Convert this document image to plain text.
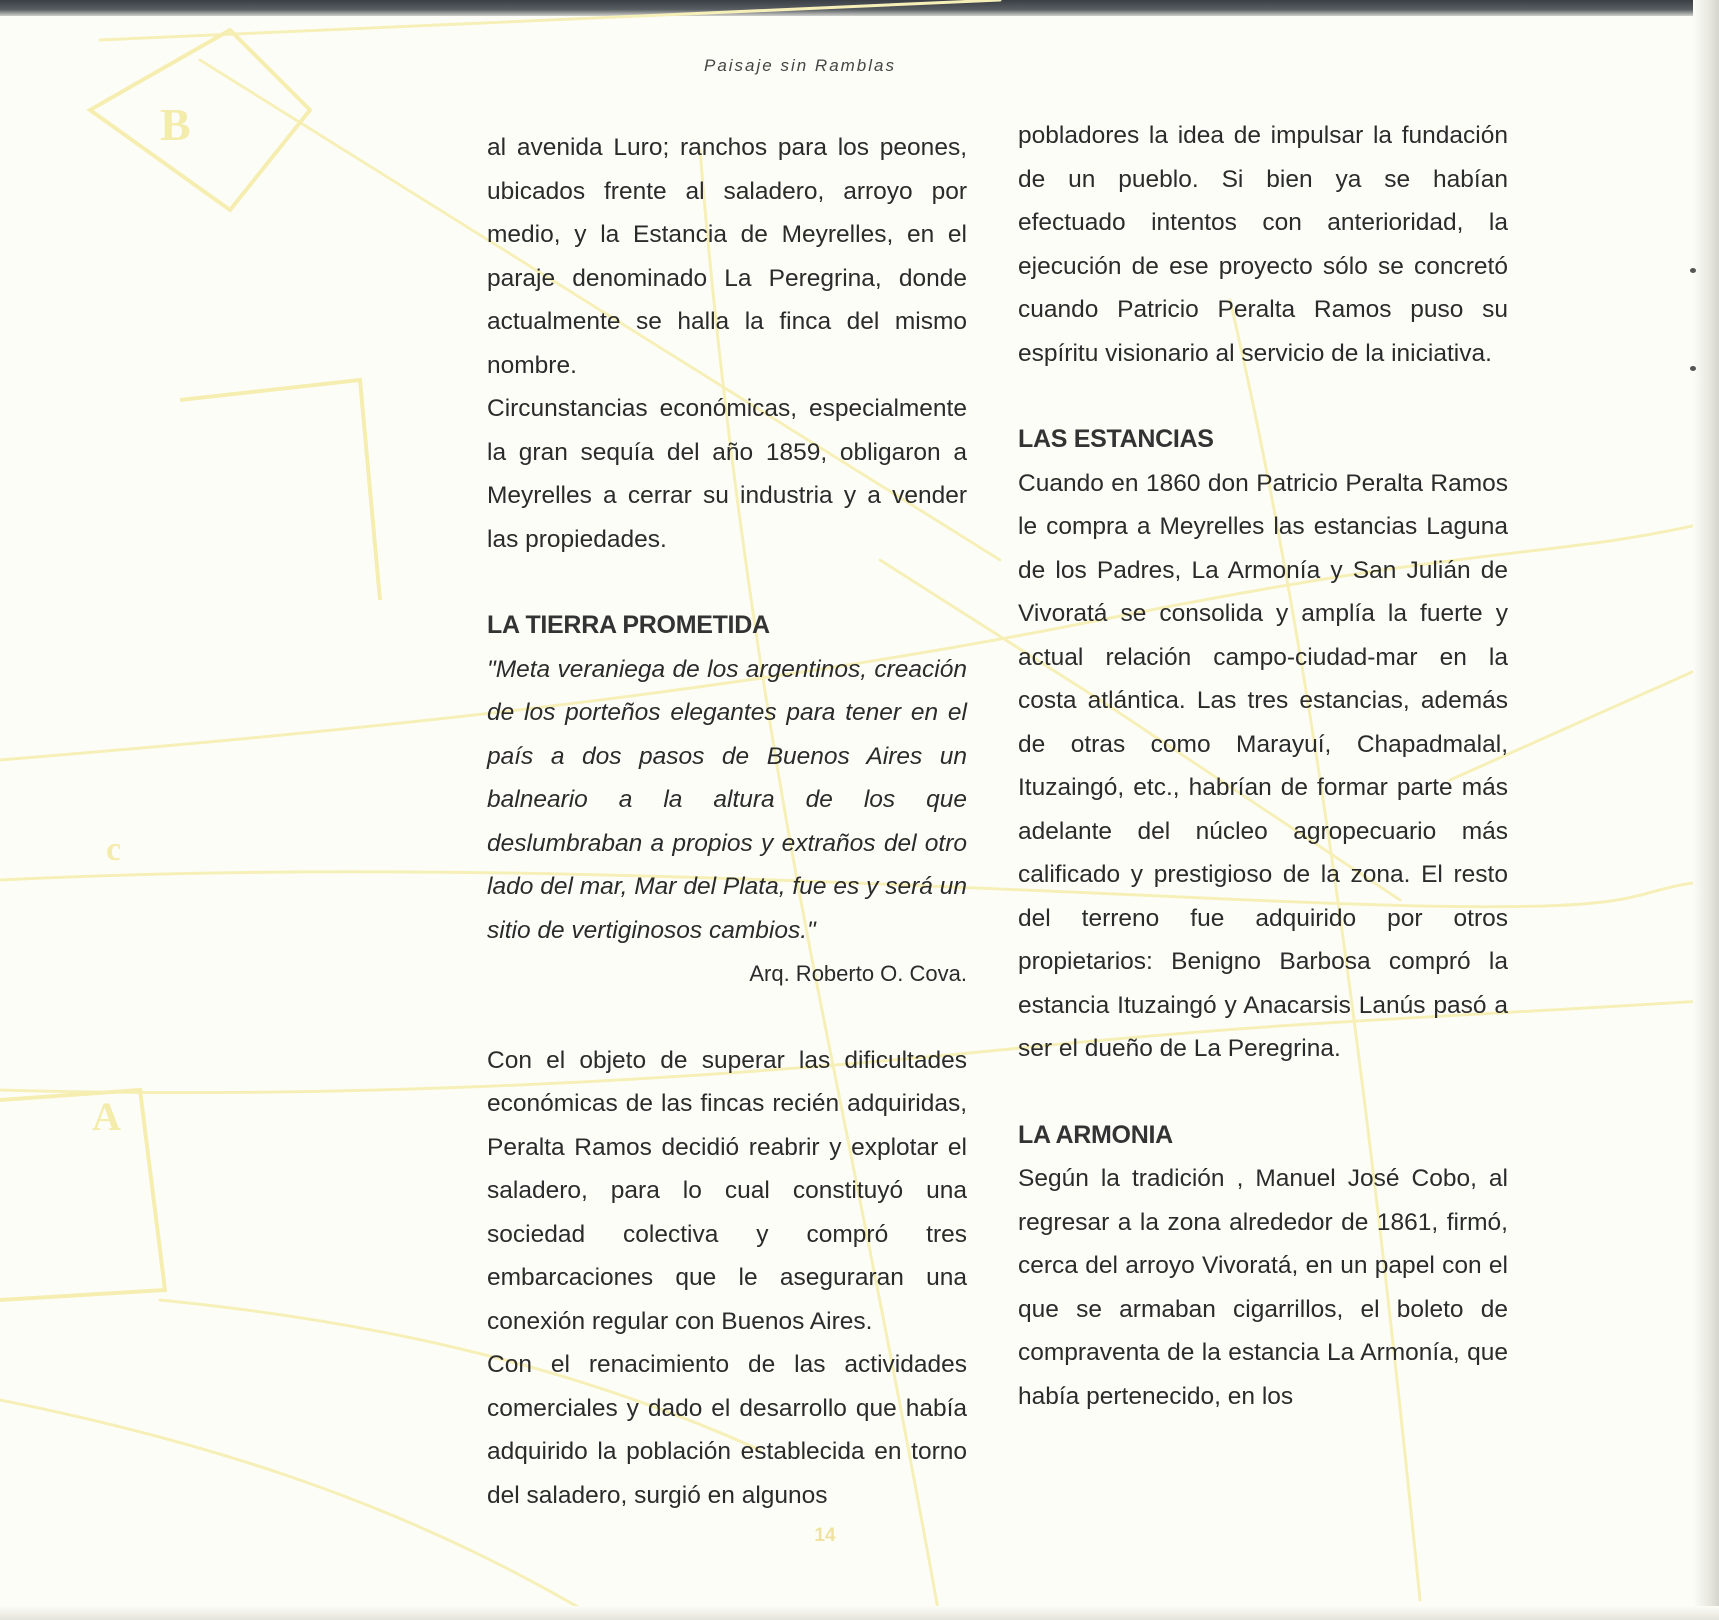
B
A
c
Paisaje sin Ramblas

al avenida Luro; ranchos para los peones, ubicados frente al saladero, arroyo por medio, y la Estancia de Meyrelles, en el paraje denominado La Peregrina, donde actualmente se halla la finca del mismo nombre.

Circunstancias económicas, especialmente la gran sequía del año 1859, obligaron a Meyrelles a cerrar su industria y a vender las propiedades.

LA TIERRA PROMETIDA

"Meta veraniega de los argentinos, creación de los porteños elegantes para tener en el país a dos pasos de Buenos Aires un balneario a la altura de los que deslumbraban a propios y extraños del otro lado del mar, Mar del Plata, fue es y será un sitio de vertiginosos cambios."

Arq. Roberto O. Cova.

Con el objeto de superar las dificultades económicas de las fincas recién adquiridas, Peralta Ramos decidió reabrir y explotar el saladero, para lo cual constituyó una sociedad colectiva y compró tres embarcaciones que le aseguraran una conexión regular con Buenos Aires.

Con el renacimiento de las actividades comerciales y dado el desarrollo que había adquirido la población establecida en torno del saladero, surgió en algunos

pobladores la idea de impulsar la fundación de un pueblo. Si bien ya se habían efectuado intentos con anterioridad, la ejecución de ese proyecto sólo se concretó cuando Patricio Peralta Ramos puso su espíritu visionario al servicio de la iniciativa.

LAS ESTANCIAS

Cuando en 1860 don Patricio Peralta Ramos le compra a Meyrelles las estancias Laguna de los Padres, La Armonía y San Julián de Vivoratá se consolida y amplía la fuerte y actual relación campo-ciudad-mar en la costa atlántica. Las tres estancias, además de otras como Marayuí, Chapadmalal, Ituzaingó, etc., habrían de formar parte más adelante del núcleo agropecuario más calificado y prestigioso de la zona. El resto del terreno fue adquirido por otros propietarios: Benigno Barbosa compró la estancia Ituzaingó y Anacarsis Lanús pasó a ser el dueño de La Peregrina.

LA ARMONIA

Según la tradición , Manuel José Cobo, al regresar a la zona alrededor de 1861, firmó, cerca del arroyo Vivoratá, en un papel con el que se armaban cigarrillos, el boleto de compraventa de la estancia La Armonía, que había pertenecido, en los

14
